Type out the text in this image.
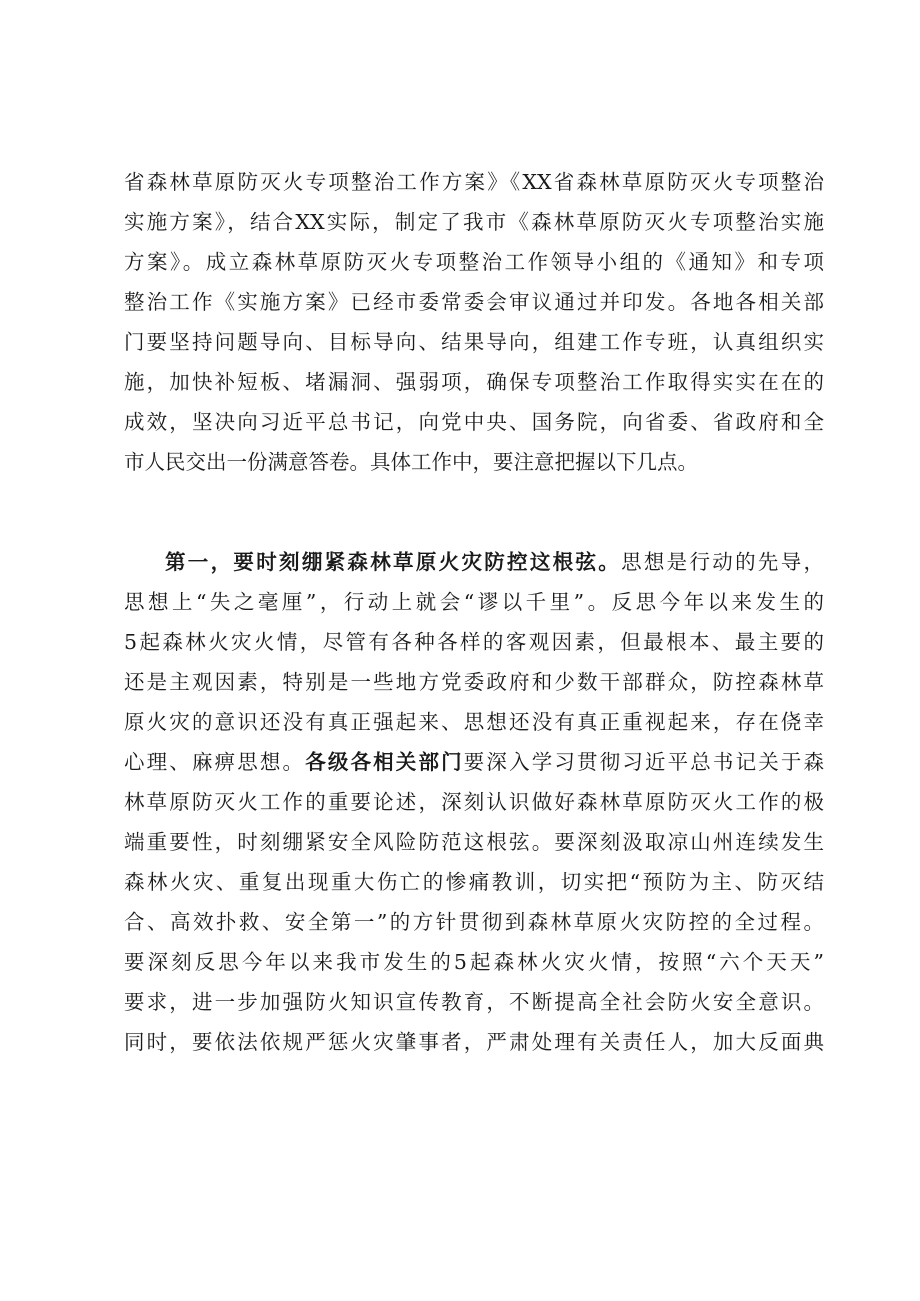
省森林草原防灭火专项整治工作方案》《XX省森林草原防灭火专项整治
实施方案》，结合XX实际，制定了我市《森林草原防灭火专项整治实施
方案》。成立森林草原防灭火专项整治工作领导小组的《通知》和专项
整治工作《实施方案》已经市委常委会审议通过并印发。各地各相关部
门要坚持问题导向、目标导向、结果导向，组建工作专班，认真组织实
施，加快补短板、堵漏洞、强弱项，确保专项整治工作取得实实在在的
成效，坚决向习近平总书记，向党中央、国务院，向省委、省政府和全
市人民交出一份满意答卷。具体工作中，要注意把握以下几点。
第一，要时刻绷紧森林草原火灾防控这根弦。思想是行动的先导，
思想上“失之毫厘”，行动上就会“谬以千里”。反思今年以来发生的
5起森林火灾火情，尽管有各种各样的客观因素，但最根本、最主要的
还是主观因素，特别是一些地方党委政府和少数干部群众，防控森林草
原火灾的意识还没有真正强起来、思想还没有真正重视起来，存在侥幸
心理、麻痹思想。各级各相关部门要深入学习贯彻习近平总书记关于森
林草原防灭火工作的重要论述，深刻认识做好森林草原防灭火工作的极
端重要性，时刻绷紧安全风险防范这根弦。要深刻汲取凉山州连续发生
森林火灾、重复出现重大伤亡的惨痛教训，切实把“预防为主、防灭结
合、高效扑救、安全第一”的方针贯彻到森林草原火灾防控的全过程。
要深刻反思今年以来我市发生的5起森林火灾火情，按照“六个天天”
要求，进一步加强防火知识宣传教育，不断提高全社会防火安全意识。
同时，要依法依规严惩火灾肇事者，严肃处理有关责任人，加大反面典
